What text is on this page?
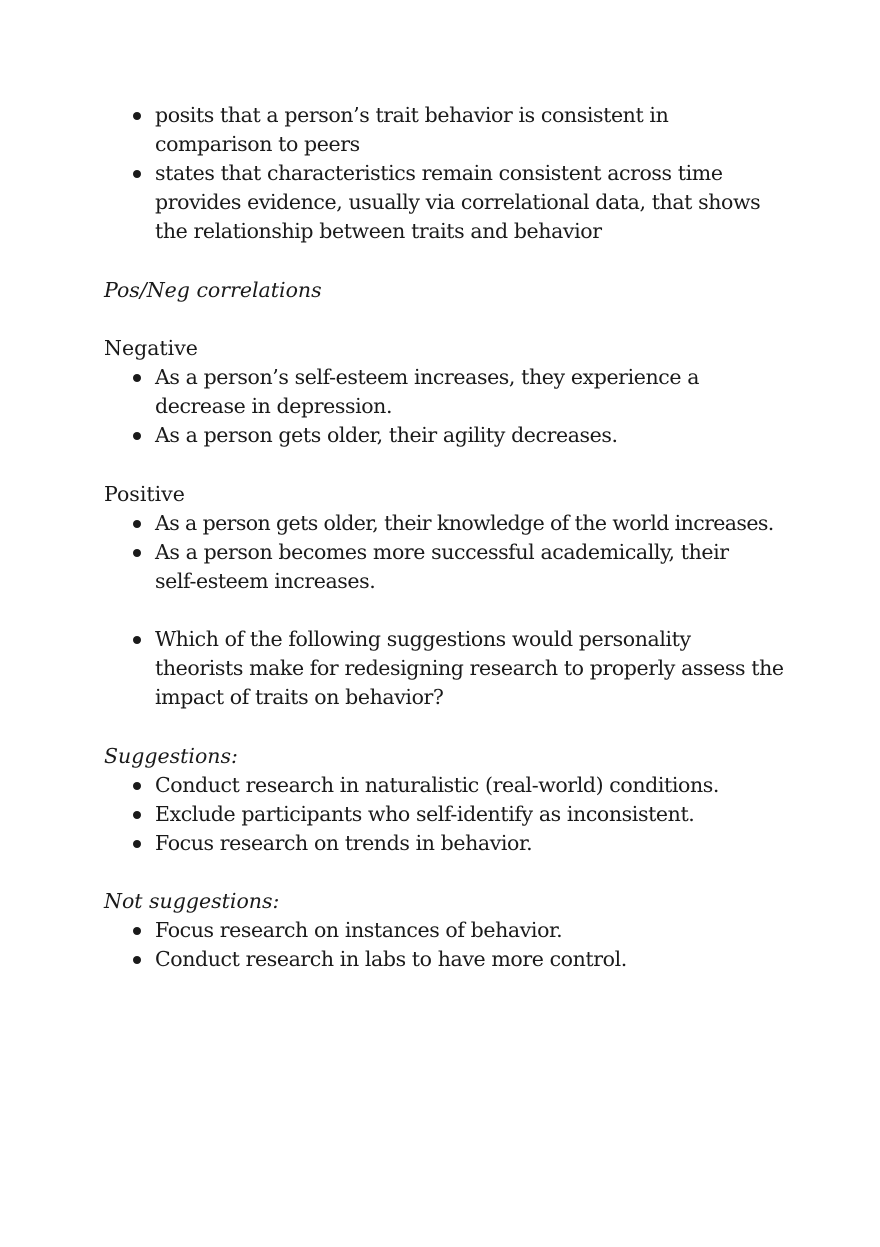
posits that a person’s trait behavior is consistent in comparison to peers
states that characteristics remain consistent across time provides evidence, usually via correlational data, that shows the relationship between traits and behavior

Pos/Neg correlations

Negative

As a person’s self-esteem increases, they experience a decrease in depression.
As a person gets older, their agility decreases.

Positive

As a person gets older, their knowledge of the world increases.
As a person becomes more successful academically, their self-esteem increases.
Which of the following suggestions would personality theorists make for redesigning research to properly assess the impact of traits on behavior?

Suggestions:

Conduct research in naturalistic (real-world) conditions.
Exclude participants who self-identify as inconsistent.
Focus research on trends in behavior.

Not suggestions:

Focus research on instances of behavior.
Conduct research in labs to have more control.
